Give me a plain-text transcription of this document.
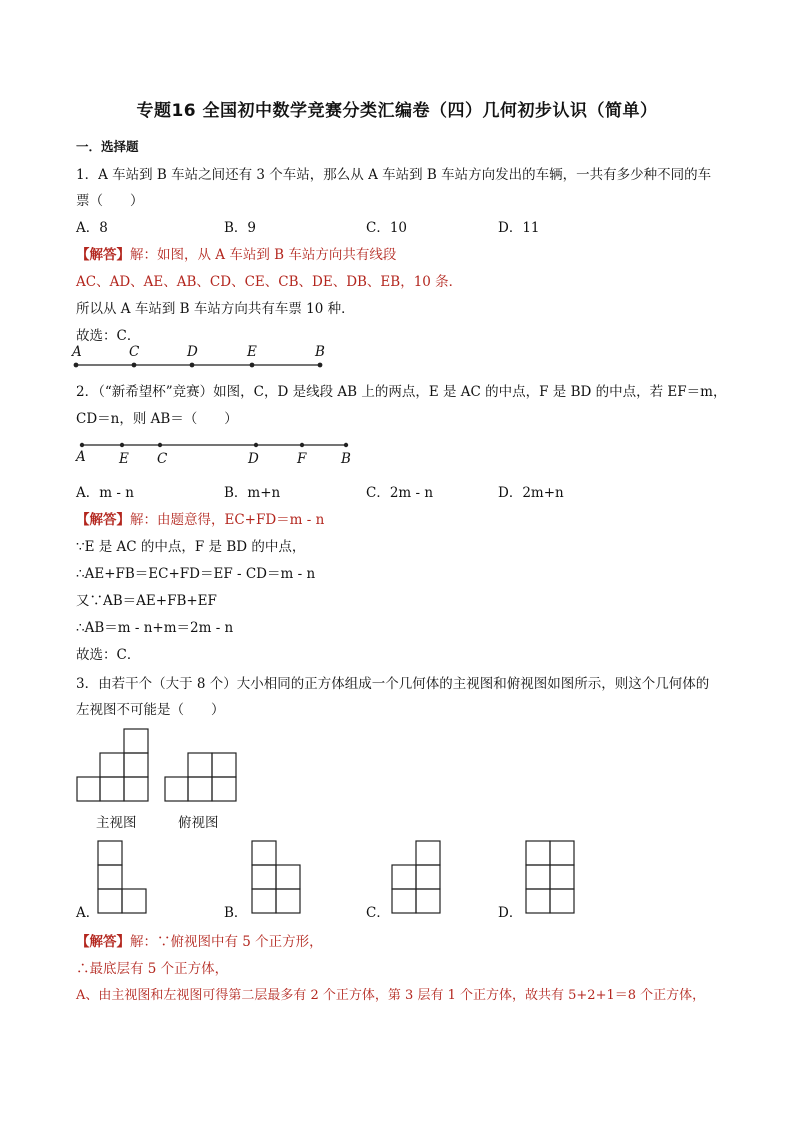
专题16 全国初中数学竞赛分类汇编卷（四）几何初步认识（简单）
一．选择题
1．A 车站到 B 车站之间还有 3 个车站，那么从 A 车站到 B 车站方向发出的车辆，一共有多少种不同的车
票（　　）
A．8	B．9	C．10	D．11
【解答】解：如图，从 A 车站到 B 车站方向共有线段
AC、AD、AE、AB、CD、CE、CB、DE、DB、EB，10 条．
所以从 A 车站到 B 车站方向共有车票 10 种．
故选：C．
A	C	D	E	B
2．（“新希望杯”竞赛）如图，C，D 是线段 AB 上的两点，E 是 AC 的中点，F 是 BD 的中点，若 EF＝m，
CD＝n，则 AB＝（　　）
A E C	D	F	B
A．m - n	B．m+n	C．2m - n	D．2m+n
【解答】解：由题意得，EC+FD＝m - n
∵E 是 AC 的中点，F 是 BD 的中点，
∴AE+FB＝EC+FD＝EF - CD＝m - n
又∵AB＝AE+FB+EF
∴AB＝m - n+m＝2m - n
故选：C．
3．由若干个（大于 8 个）大小相同的正方体组成一个几何体的主视图和俯视图如图所示，则这个几何体的
左视图不可能是（　　）
主视图	俯视图
A．	B．	C．	D．
【解答】解：∵俯视图中有 5 个正方形，
∴最底层有 5 个正方体，
A、由主视图和左视图可得第二层最多有 2 个正方体，第 3 层有 1 个正方体，故共有 5+2+1＝8 个正方体，
